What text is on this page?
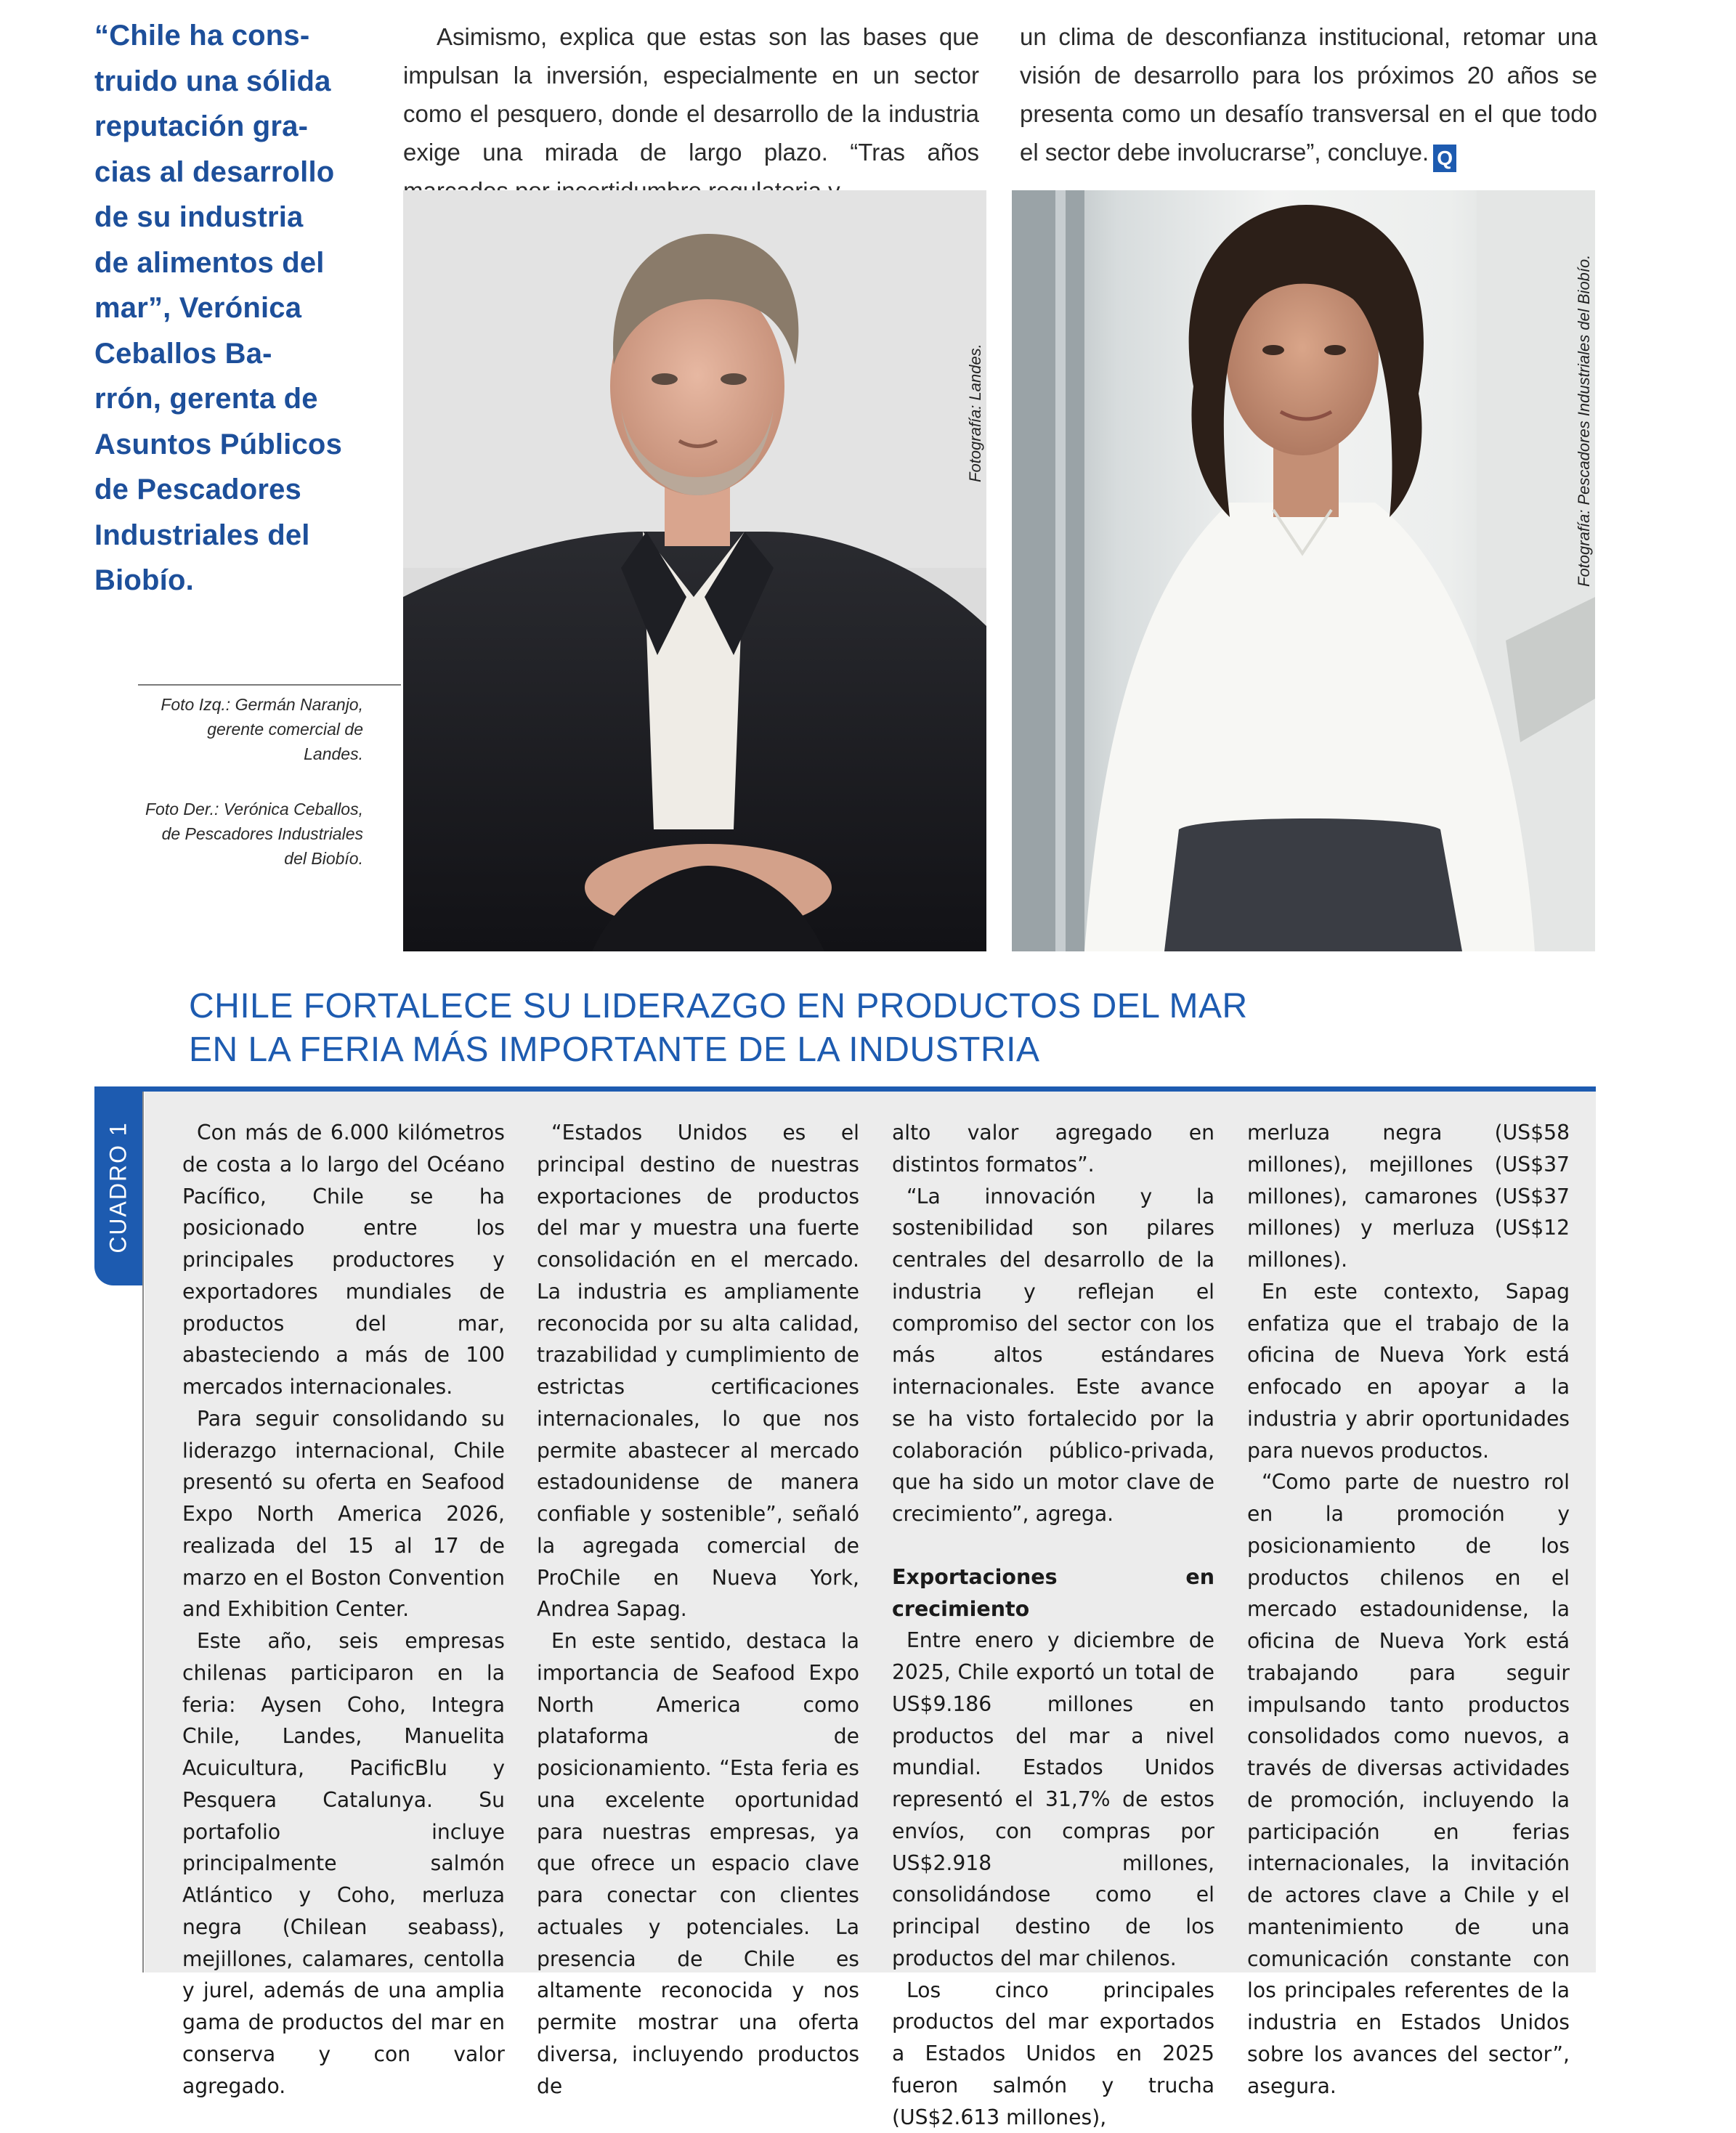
“Chile ha cons-
truido una sólida
reputación gra-
cias al desarrollo
de su industria
de alimentos del
mar”, Verónica
Ceballos Ba-
rrón, gerenta de
Asuntos Públicos
de Pescadores
Industriales del
Biobío.
Foto Izq.: Germán Naranjo,
gerente comercial de
Landes.
Foto Der.: Verónica Ceballos,
de Pescadores Industriales
del Biobío.

Asimismo, explica que estas son las bases que impulsan la inversión, especialmente en un sector como el pesquero, donde el desarrollo de la industria exige una mirada de largo plazo. “Tras años

un clima de desconfianza institucional, retomar una visión de desarrollo para los próximos 20 años se presenta como un desafío transversal en el que todo el sector debe involucrarse”, concluye. Q

Fotografía: Landes.	Fotografía: Pescadores Industriales del Biobío.
CHILE FORTALECE SU LIDERAZGO EN PRODUCTOS DEL MAR
EN LA FERIA MÁS IMPORTANTE DE LA INDUSTRIA
CUADRO 1	Con más de 6.000 kilómetros de costa a lo largo del Océano Pacífico, Chile se ha posicionado entre los principales productores y exportadores mundiales de productos del mar, abasteciendo a más de 100 mercados internacionales.

Para seguir consolidando su liderazgo internacional, Chile presentó su oferta en Seafood Expo North America 2026, realizada del 15 al 17 de marzo en el Boston Convention and Exhibition Center.

Este año, seis empresas chilenas participaron en la feria: Aysen Coho, Integra Chile, Landes, Manuelita Acuicultura, PacificBlu y Pesquera Catalunya. Su portafolio incluye principalmente salmón Atlántico y Coho, merluza negra (Chilean seabass), mejillones, calamares, centolla y jurel, además de una amplia gama de productos del mar en conserva y con valor agregado.

“Estados Unidos es el principal destino de nuestras exportaciones de productos del mar y muestra una fuerte consolidación en el mercado. La industria es ampliamente reconocida por su alta calidad, trazabilidad y cumplimiento de estrictas certificaciones internacionales, lo que nos permite abastecer al mercado estadounidense de manera confiable y sostenible”, señaló la agregada comercial de ProChile en Nueva York, Andrea Sapag.

En este sentido, destaca la importancia de Seafood Expo North America como plataforma de posicionamiento. “Esta feria es una excelente oportunidad para nuestras empresas, ya que ofrece un espacio clave para conectar con clientes actuales y potenciales. La presencia de Chile es altamente reconocida y nos permite mostrar una oferta diversa, incluyendo productos de

alto valor agregado en distintos formatos”.

“La innovación y la sostenibilidad son pilares centrales del desarrollo de la industria y reflejan el compromiso del sector con los más altos estándares internacionales. Este avance se ha visto fortalecido por la colaboración público-privada, que ha sido un motor clave de crecimiento”, agrega.

Exportaciones en crecimiento

Entre enero y diciembre de 2025, Chile exportó un total de US$9.186 millones en productos del mar a nivel mundial. Estados Unidos representó el 31,7% de estos envíos, con compras por US$2.918 millones, consolidándose como el principal destino de los productos del mar chilenos.

Los cinco principales productos del mar exportados a Estados Unidos en 2025 fueron salmón y trucha (US$2.613 millones),

merluza negra (US$58 millones), mejillones (US$37 millones), camarones (US$37 millones) y merluza (US$12 millones).

En este contexto, Sapag enfatiza que el trabajo de la oficina de Nueva York está enfocado en apoyar a la industria y abrir oportunidades para nuevos productos.

“Como parte de nuestro rol en la promoción y posicionamiento de los productos chilenos en el mercado estadounidense, la oficina de Nueva York está trabajando para seguir impulsando tanto productos consolidados como nuevos, a través de diversas actividades de promoción, incluyendo la participación en ferias internacionales, la invitación de actores clave a Chile y el mantenimiento de una comunicación constante con los principales referentes de la industria en Estados Unidos sobre los avances del sector”, asegura.
